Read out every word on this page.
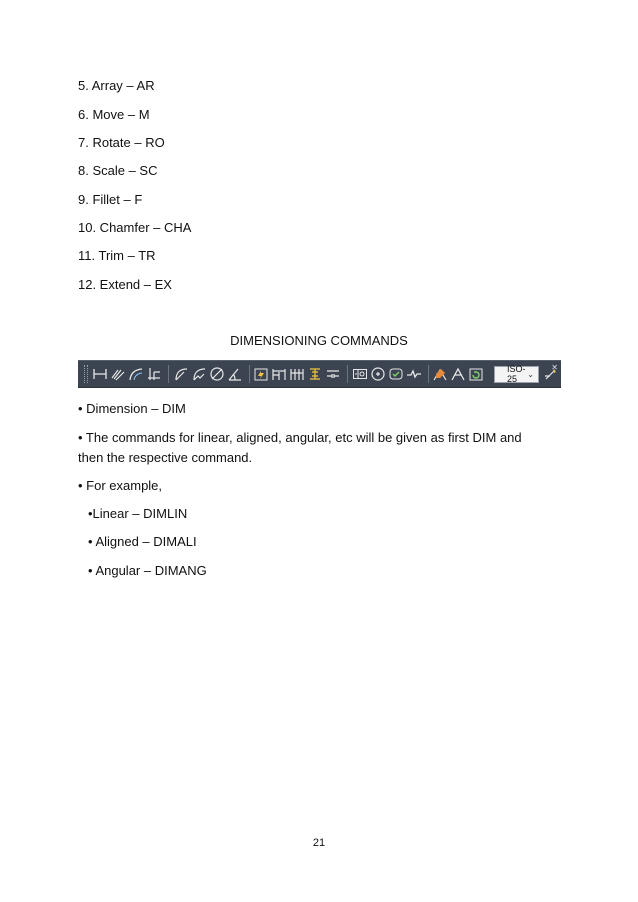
5. Array – AR
6. Move – M
7. Rotate – RO
8. Scale – SC
9. Fillet – F
10. Chamfer – CHA
11. Trim – TR
12. Extend – EX
DIMENSIONING COMMANDS
ISO-25	⌄
✕
• Dimension – DIM
• The commands for linear, aligned, angular, etc will be given as first DIM and
then the respective command.
• For example,
•Linear – DIMLIN
• Aligned – DIMALI
• Angular – DIMANG
21
